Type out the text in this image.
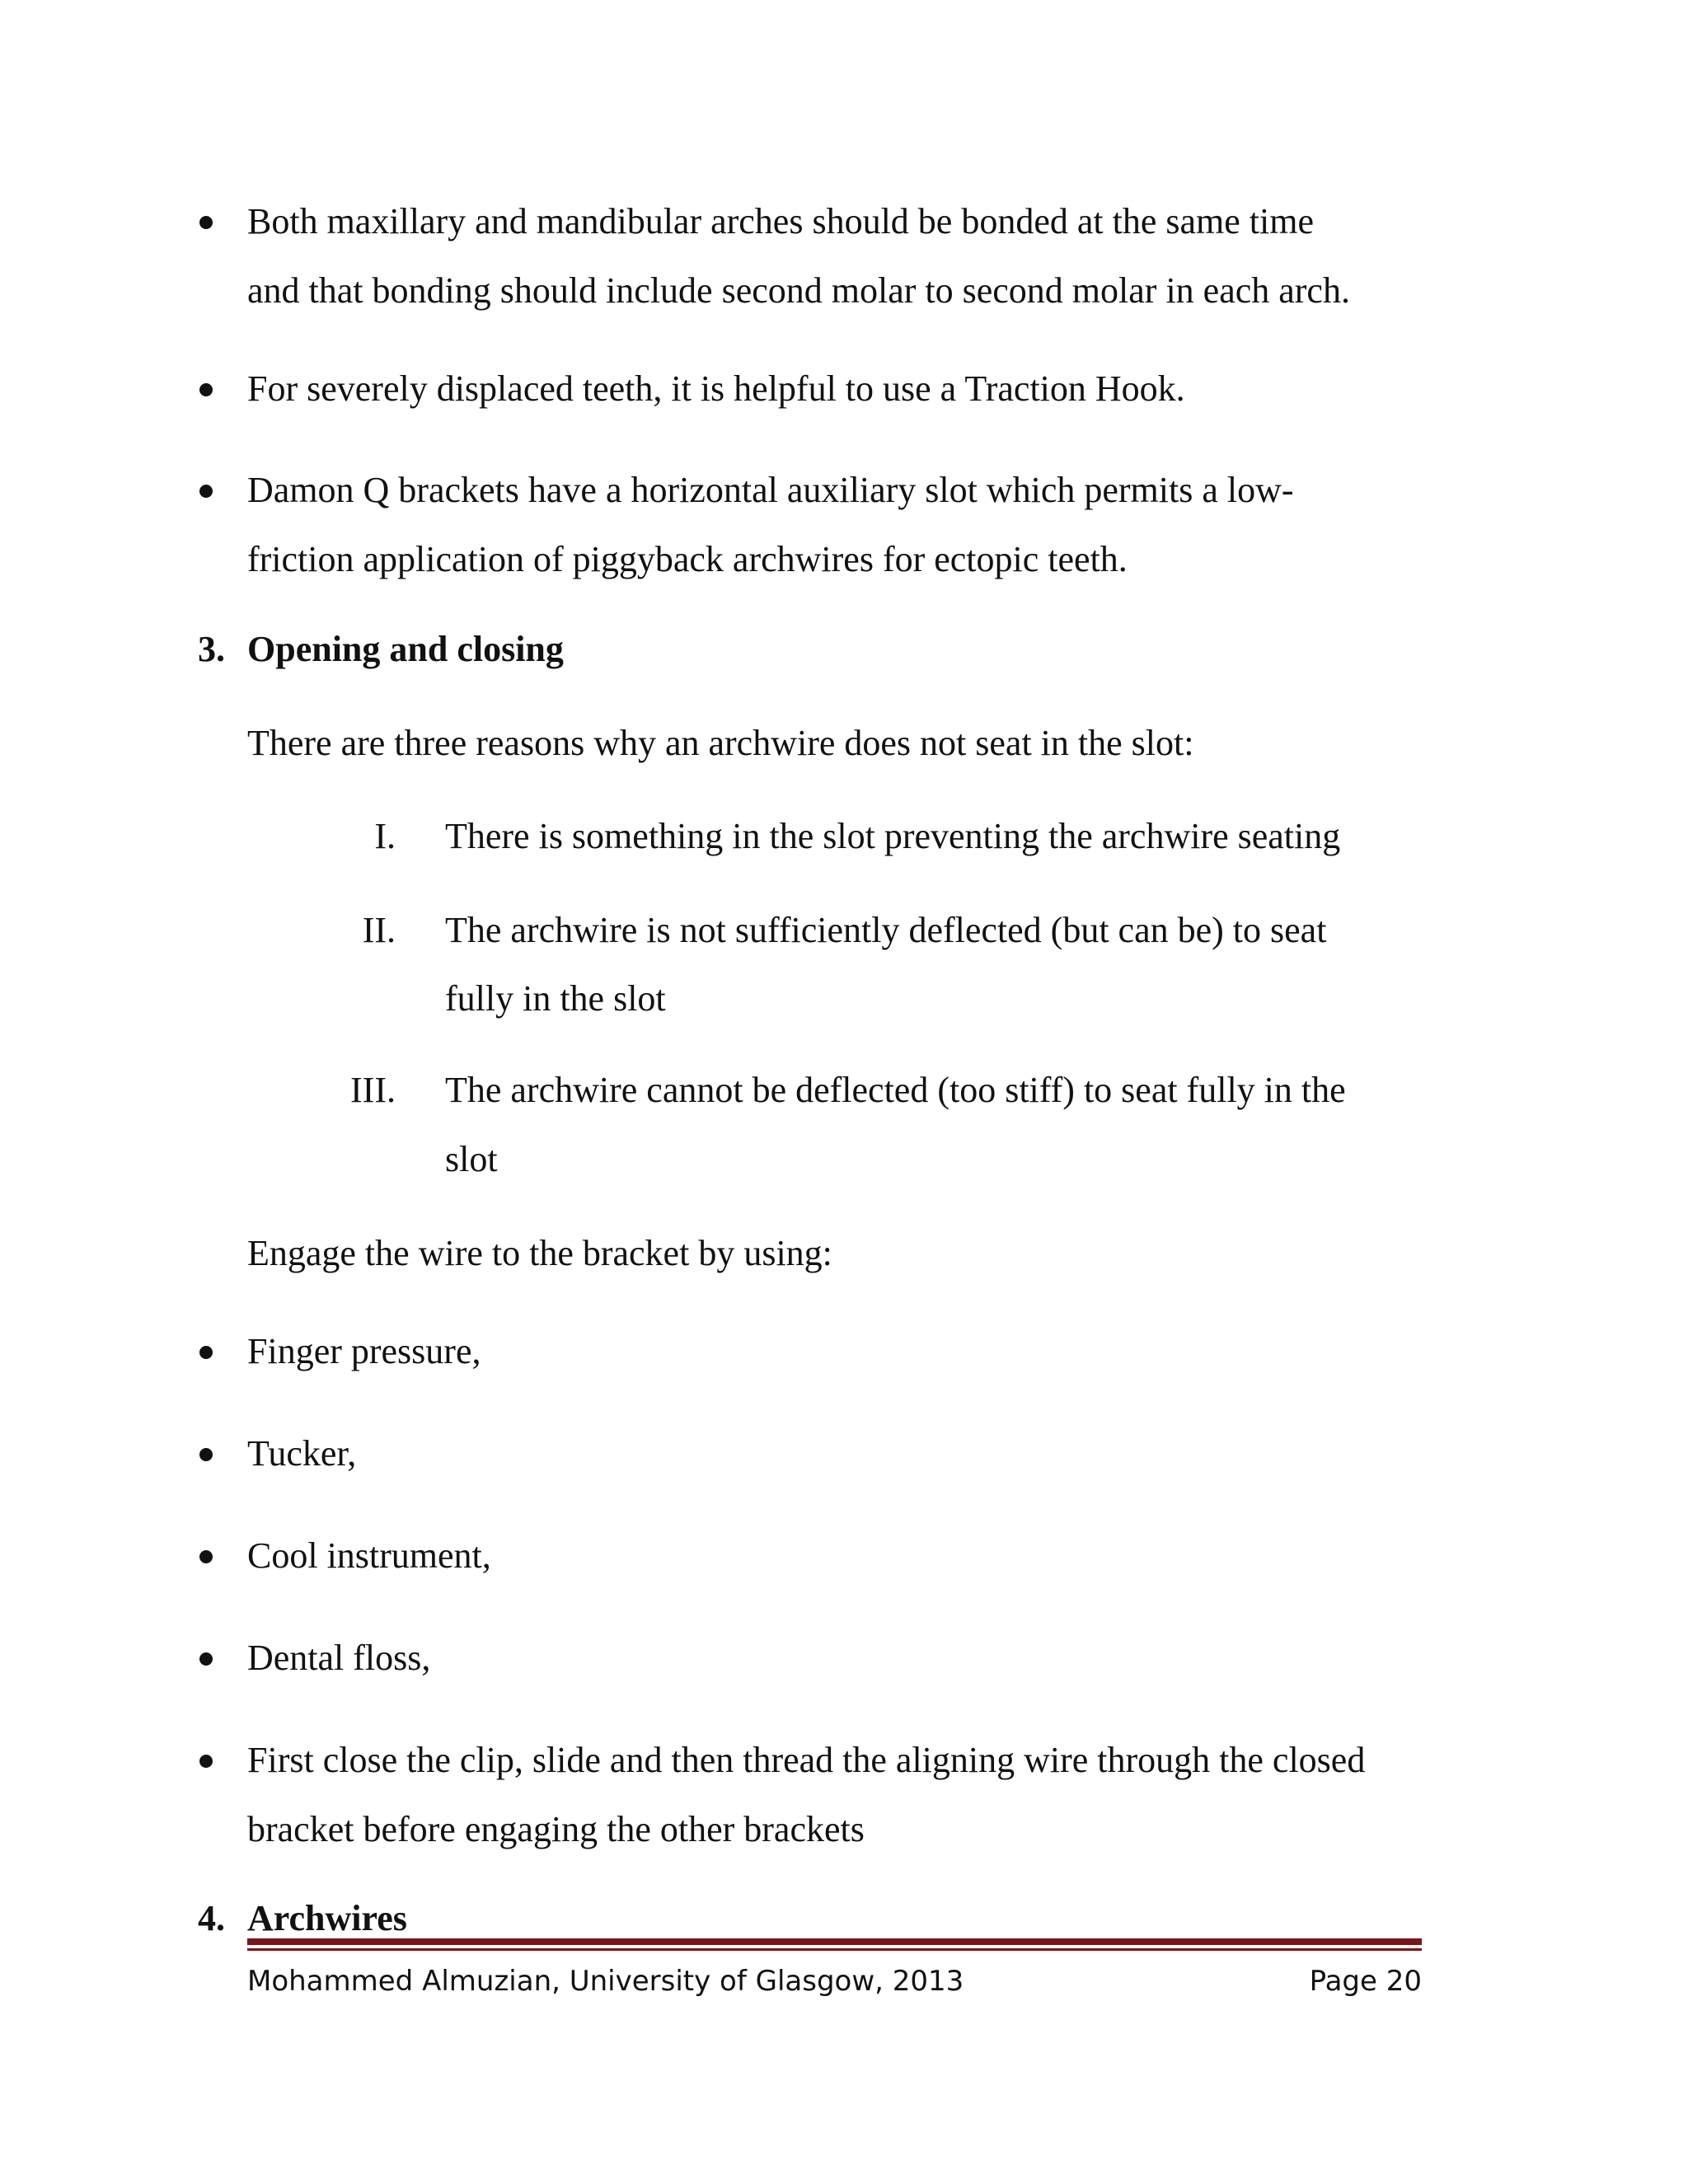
Both maxillary and mandibular arches should be bonded at the same time
and that bonding should include second molar to second molar in each arch.
For severely displaced teeth, it is helpful to use a Traction Hook.
Damon Q brackets have a horizontal auxiliary slot which permits a low-
friction application of piggyback archwires for ectopic teeth.
3. Opening and closing
There are three reasons why an archwire does not seat in the slot:
I. There is something in the slot preventing the archwire seating
II. The archwire is not sufficiently deflected (but can be) to seat
fully in the slot
III. The archwire cannot be deflected (too stiff) to seat fully in the
slot
Engage the wire to the bracket by using:
Finger pressure,
Tucker,
Cool instrument,
Dental floss,
First close the clip, slide and then thread the aligning wire through the closed
bracket before engaging the other brackets
4. Archwires
Mohammed Almuzian, University of Glasgow, 2013	Page 20
